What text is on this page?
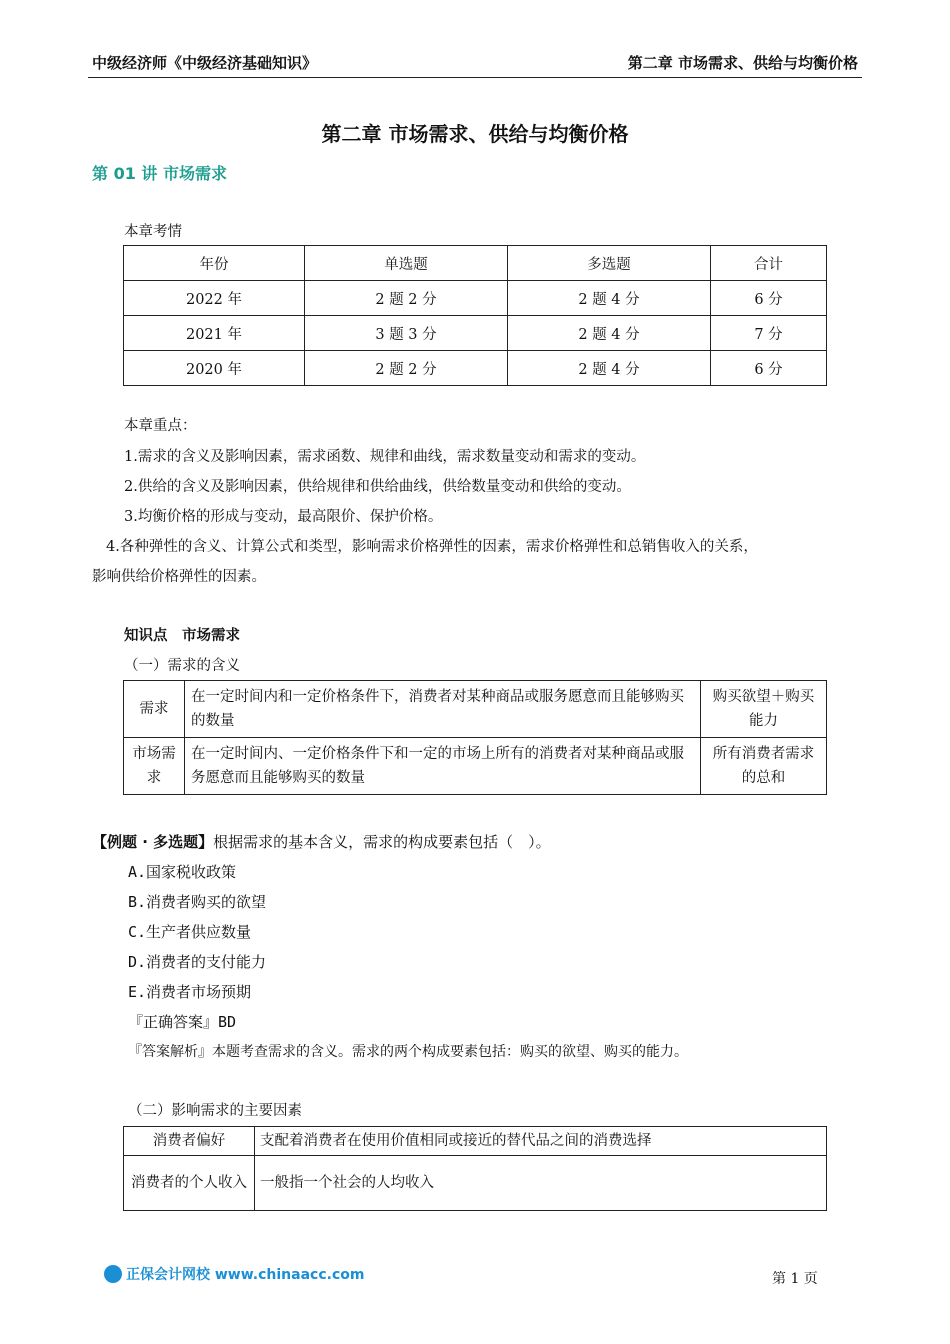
中级经济师《中级经济基础知识》	第二章 市场需求、供给与均衡价格
第二章 市场需求、供给与均衡价格
第 01 讲 市场需求
本章考情
年份	单选题	多选题	合计
2022 年	2 题 2 分	2 题 4 分	6 分
2021 年	3 题 3 分	2 题 4 分	7 分
2020 年	2 题 2 分	2 题 4 分	6 分
本章重点：
1.需求的含义及影响因素，需求函数、规律和曲线，需求数量变动和需求的变动。
2.供给的含义及影响因素，供给规律和供给曲线，供给数量变动和供给的变动。
3.均衡价格的形成与变动，最高限价、保护价格。
4.各种弹性的含义、计算公式和类型，影响需求价格弹性的因素，需求价格弹性和总销售收入的关系，
影响供给价格弹性的因素。
知识点　市场需求
（一）需求的含义
需求	在一定时间内和一定价格条件下，消费者对某种商品或服务愿意而且能够购买的数量	购买欲望＋购买能力
市场需求	在一定时间内、一定价格条件下和一定的市场上所有的消费者对某种商品或服务愿意而且能够购买的数量	所有消费者需求的总和
【例题 · 多选题】根据需求的基本含义，需求的构成要素包括（　）。
A.国家税收政策
B.消费者购买的欲望
C.生产者供应数量
D.消费者的支付能力
E.消费者市场预期
『正确答案』BD
『答案解析』本题考查需求的含义。需求的两个构成要素包括：购买的欲望、购买的能力。
（二）影响需求的主要因素
消费者偏好	支配着消费者在使用价值相同或接近的替代品之间的消费选择
消费者的个人收入	一般指一个社会的人均收入
正保会计网校 www.chinaacc.com	第 1 页
